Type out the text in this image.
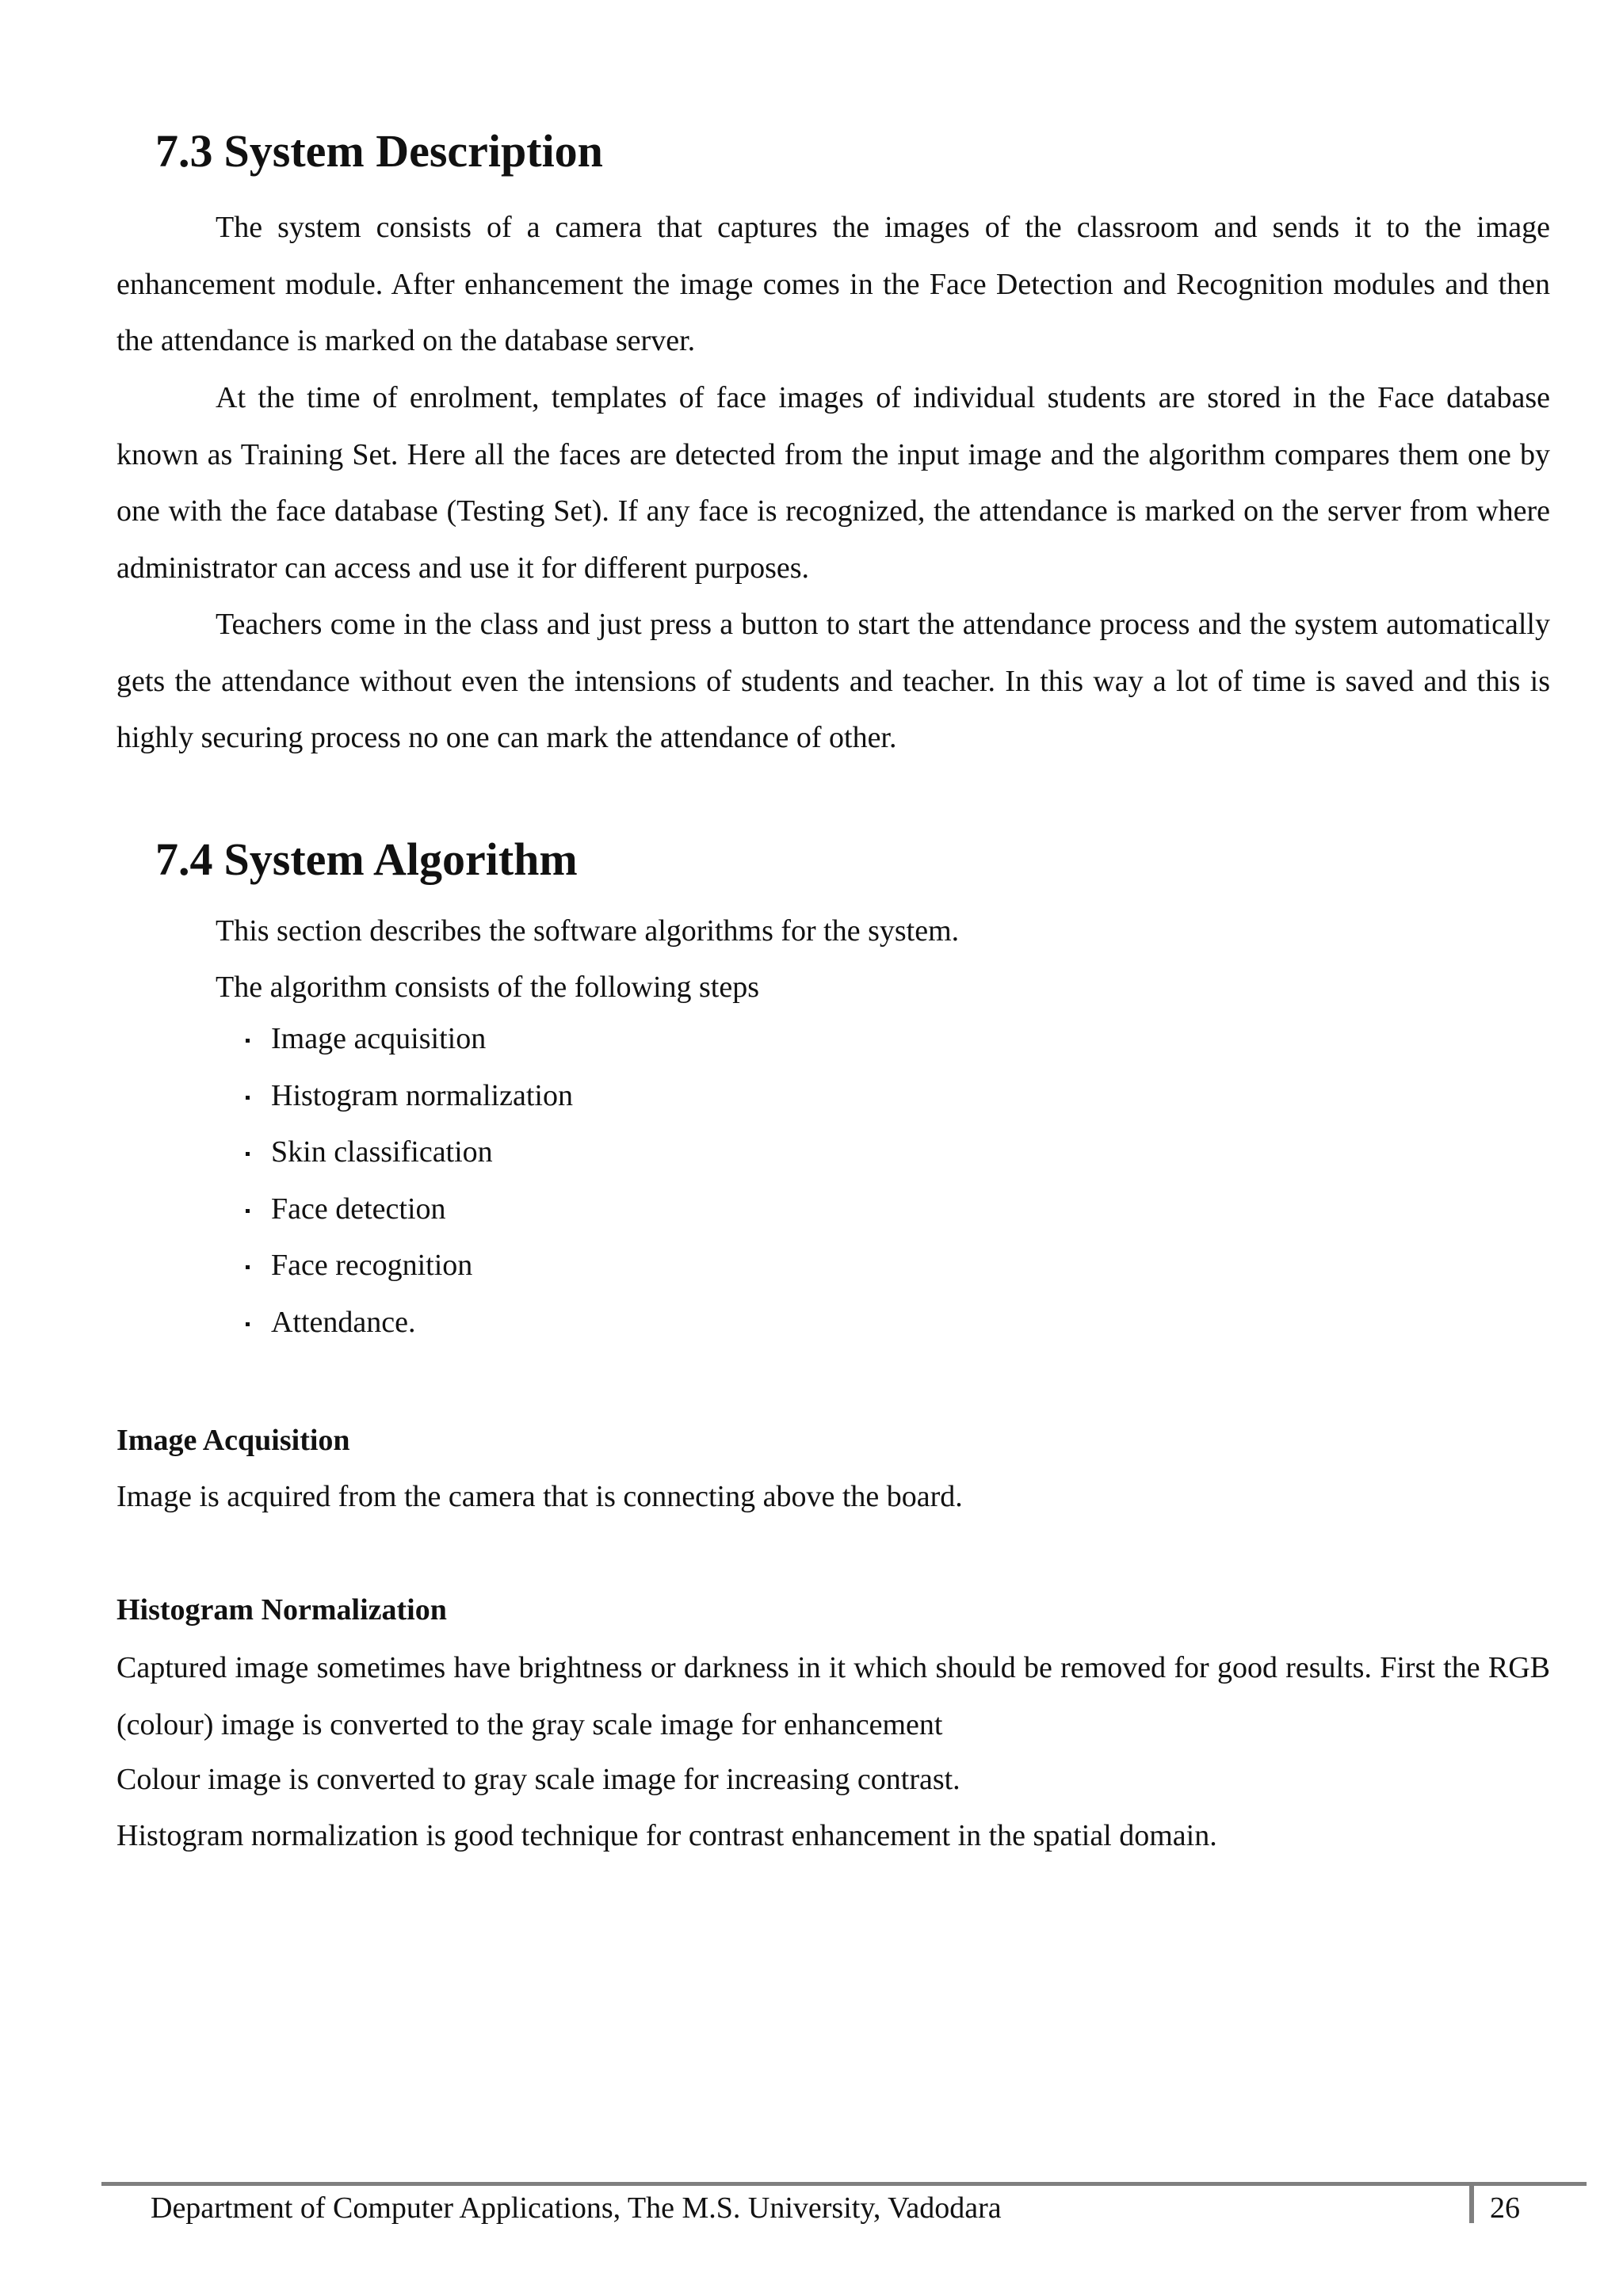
7.3 System Description

The system consists of a camera that captures the images of the classroom and sends it to the image enhancement module. After enhancement the image comes in the Face Detection and Recognition modules and then the attendance is marked on the database server.

At the time of enrolment, templates of face images of individual students are stored in the Face database known as Training Set. Here all the faces are detected from the input image and the algorithm compares them one by one with the face database (Testing Set). If any face is recognized, the attendance is marked on the server from where administrator can access and use it for different purposes.

Teachers come in the class and just press a button to start the attendance process and the system automatically gets the attendance without even the intensions of students and teacher. In this way a lot of time is saved and this is highly securing process no one can mark the attendance of other.

7.4 System Algorithm

This section describes the software algorithms for the system.

The algorithm consists of the following steps

Image acquisition
Histogram normalization
Skin classification
Face detection
Face recognition
Attendance.
Image Acquisition

Image is acquired from the camera that is connecting above the board.

Histogram Normalization

Captured image sometimes have brightness or darkness in it which should be removed for good results. First the RGB (colour) image is converted to the gray scale image for enhancement

Colour image is converted to gray scale image for increasing contrast.

Histogram normalization is good technique for contrast enhancement in the spatial domain.

Department of Computer Applications, The M.S. University, Vadodara	26
